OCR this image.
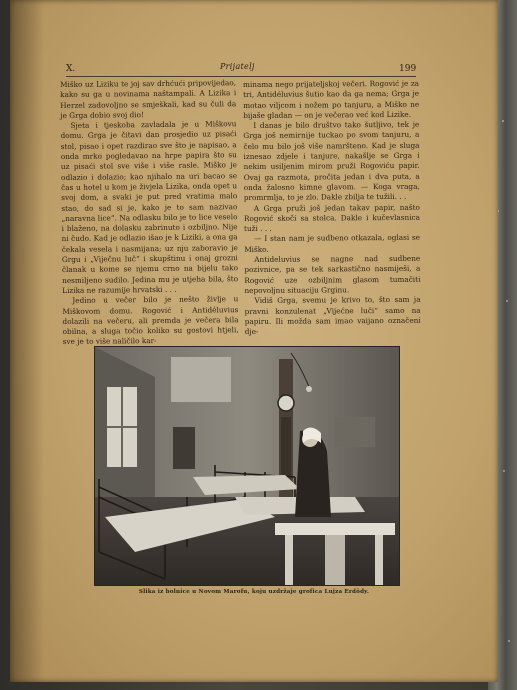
X.	Prijatelj	199

Miško uz Liziku te joj sav drhćući pripovijedao, kako su ga u novinama naštampali. A Lizika i Herzel zadovoljno se smješkali, kad su čuli da je Grga dobio svoj dio!

Sjeta i tjeskoba zavladala je u Miškovu domu. Grga je čitavi dan prosjedio uz pisaći stol, pisao i opet razdirao sve što je napisao, a onda mrko pogledavao na hrpe papira što su uz pisaći stol sve više i više rasle. Miško je odlazio i dolazio; kao njihalo na uri bacao se čas u hotel u kom je živjela Lizika, onda opet u svoj dom, a svaki je put pred vratima malo stao, do sad si je, kako je to sam nazivao „naravna lice“. Na odlasku bilo je to lice veselo i blaženo, na dolasku zabrinuto i ozbiljno. Nije ni čudo. Kad je odlazio išao je k Liziki, a ona ga čekala vesela i nasmijana; uz nju zaboravio je Grgu i „Viječnu luč“ i skupštinu i onaj grozni članak u kome se njemu crno na bijelu tako nesmiljeno sudilo. Jedina mu je utjeha bila, što Lizika ne razumije hrvatski . . .

Jedino u večer bilo je nešto življe u Miškovom domu. Rogović i Antidéluvius dolazili na večeru, ali premda je večera bila obilna, a sluga točio koliko su gostovi htjeli, sve je to više naličilo kar-

minama nego prijateljskoj večeri. Rogović je za tri, Antidéluvius šutio kao da ga nema; Grga je motao viljcom i nožem po tanjuru, a Miško ne bijaše gladan — on je večerao već kod Lizike.

I danas je bilo društvo tako šutljivo, tek je Grga još nemirnije tuckao po svom tanjuru, a čelo mu bilo još više namršteno. Kad je sluga iznesao zdjele i tanjure, nakašlje se Grga i nekim usiljenim mirom pruži Rogoviću papir. Ovaj ga razmota, pročita jedan i dva puta, a onda žalosno kimne glavom. — Koga vraga, promrmlja, to je zlo. Dakle zbilja te tužili. . .

A Grga pruži još jedan takav papir, našto Rogović skoči sa stolca. Dakle i kučevlasnica tuži . . .

— I stan nam je sudbeno otkazala, oglasi se Miško.

Antideluvius se nagne nad sudbene pozivnice, pa se tek sarkastično nasmiješi, a Rogović uze ozbiljnim glasom tumačiti nepovoljnu situaciju Grginu.

Vidiš Grga, svemu je krivo to, što sam ja pravni konzulenat „Vijećne luči“ samo na papiru. Ili možda sam imao vaijano označeni dje-

Slika iz bolnice u Novom Marofu, koju uzdržaje grofica Lujza Erdödy.
